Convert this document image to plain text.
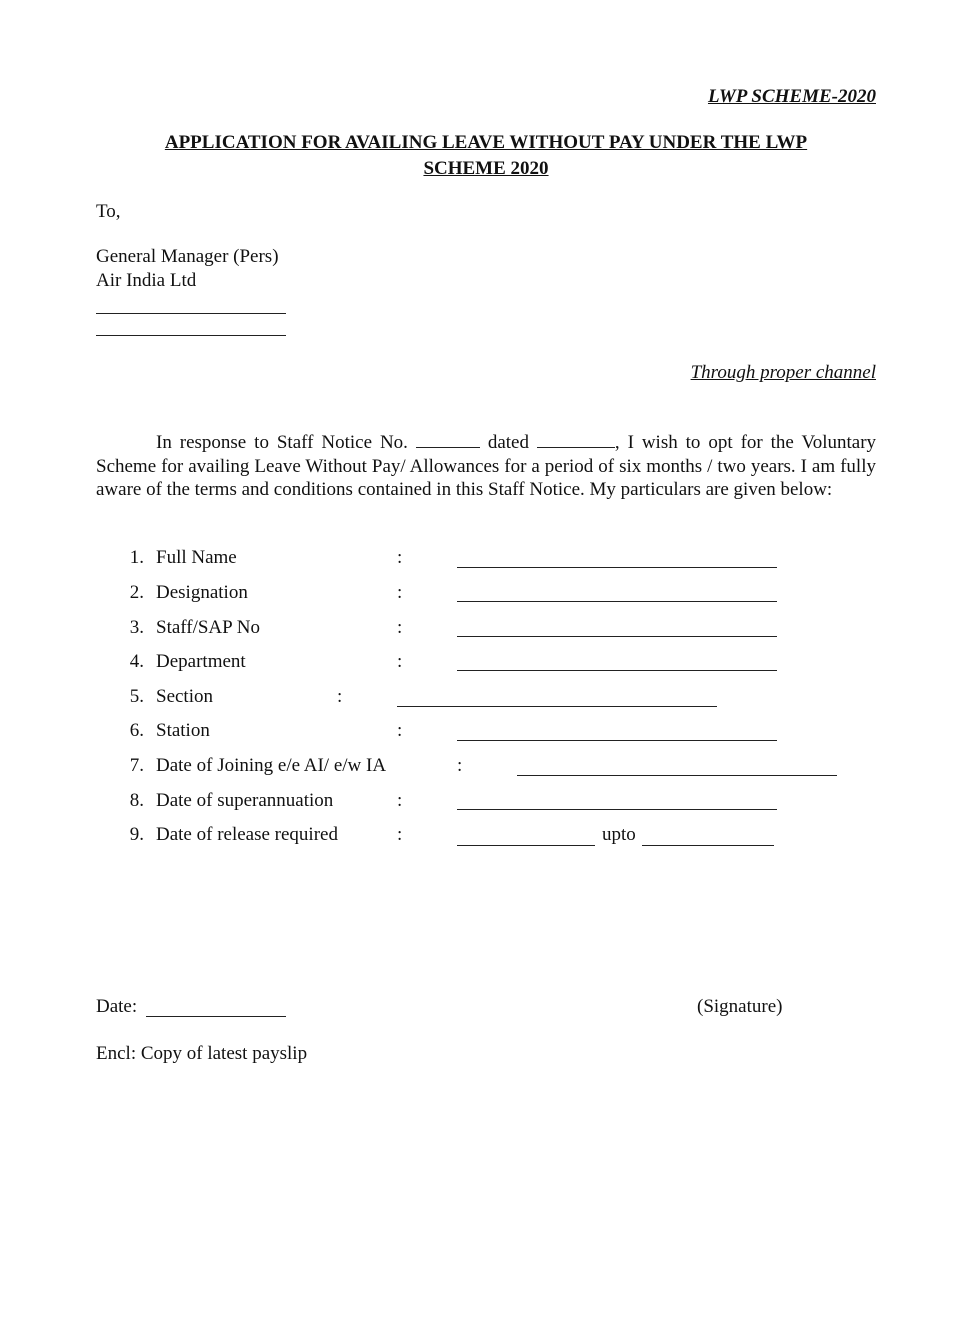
LWP SCHEME-2020
APPLICATION FOR AVAILING LEAVE WITHOUT PAY UNDER THE LWP
SCHEME 2020
To,
General Manager (Pers)
Air India Ltd
Through proper channel
In response to Staff Notice No.	dated	, I wish to opt for the Voluntary Scheme for availing Leave Without Pay/ Allowances for a period of six months / two years. I am fully aware of the terms and conditions contained in this Staff Notice. My particulars are given below:
1. Full Name	:
2. Designation	:
3. Staff/SAP No	:
4. Department	:
5. Section	:
6. Station	:
7. Date of Joining e/e AI/ e/w IA	:
8. Date of superannuation	:
9. Date of release required	:	upto
Date:	(Signature)
Encl: Copy of latest payslip
